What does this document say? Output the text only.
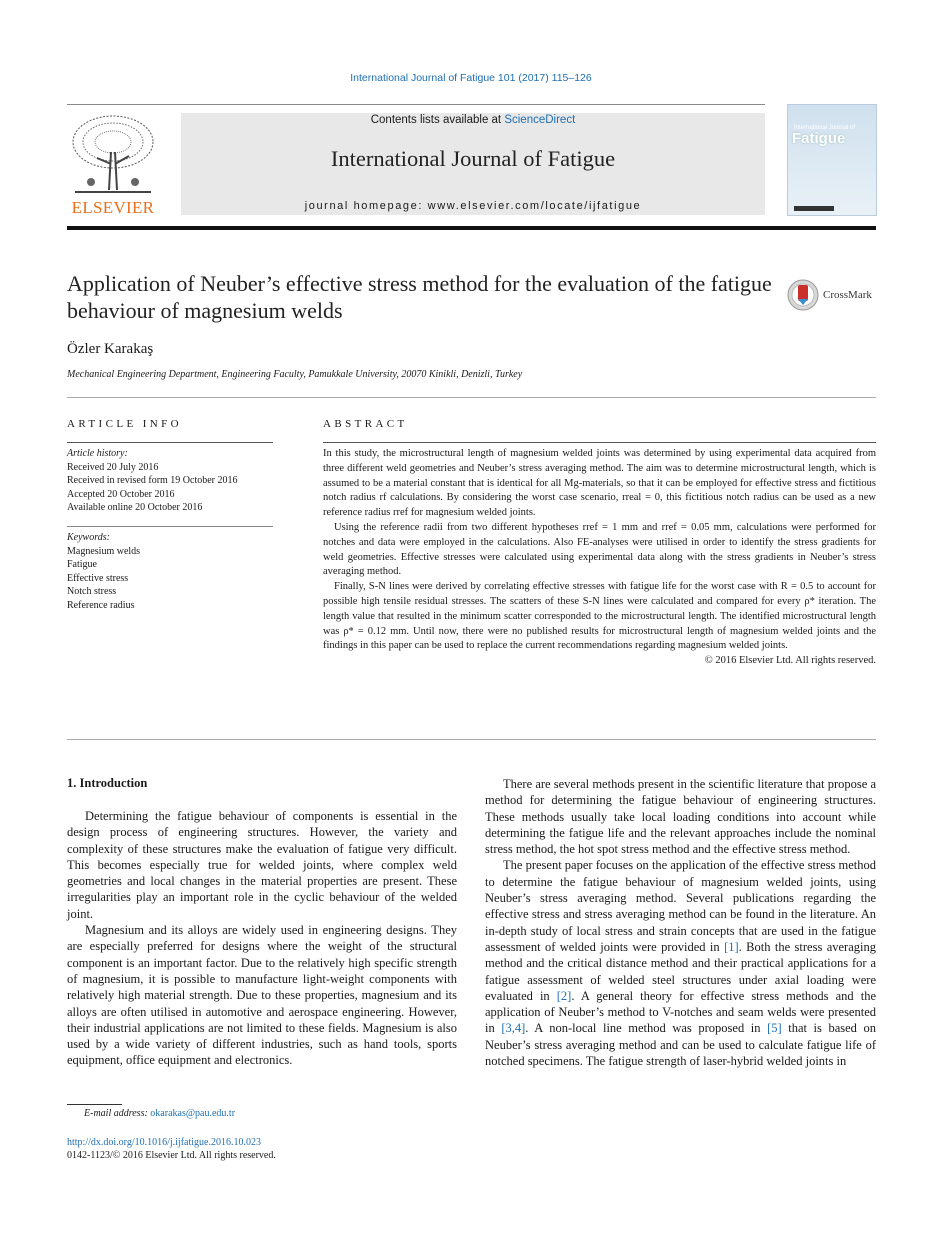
International Journal of Fatigue 101 (2017) 115–126
ELSEVIER
Contents lists available at ScienceDirect
International Journal of Fatigue
journal homepage: www.elsevier.com/locate/ijfatigue
International Journal of
Fatigue
Application of Neuber’s effective stress method for the evaluation of the fatigue behaviour of magnesium welds
CrossMark
Özler Karakaş
Mechanical Engineering Department, Engineering Faculty, Pamukkale University, 20070 Kinikli, Denizli, Turkey
ARTICLE INFO
Article history:
Received 20 July 2016
Received in revised form 19 October 2016
Accepted 20 October 2016
Available online 20 October 2016
Keywords:
Magnesium welds
Fatigue
Effective stress
Notch stress
Reference radius
ABSTRACT

In this study, the microstructural length of magnesium welded joints was determined by using experimental data acquired from three different weld geometries and Neuber’s stress averaging method. The aim was to determine microstructural length, which is assumed to be a material constant that is identical for all Mg-materials, so that it can be employed for effective stress and fictitious notch radius rf calculations. By considering the worst case scenario, rreal = 0, this fictitious notch radius can be used as a new reference radius rref for magnesium welded joints.

Using the reference radii from two different hypotheses rref = 1 mm and rref = 0.05 mm, calculations were performed for notches and data were employed in the calculations. Also FE-analyses were utilised in order to identify the stress gradients for weld geometries. Effective stresses were calculated using experimental data along with the stress gradients in Neuber’s stress averaging method.

Finally, S-N lines were derived by correlating effective stresses with fatigue life for the worst case with R = 0.5 to account for possible high tensile residual stresses. The scatters of these S-N lines were calculated and compared for every ρ* iteration. The length value that resulted in the minimum scatter corresponded to the microstructural length. The identified microstructural length was ρ* = 0.12 mm. Until now, there were no published results for microstructural length of magnesium welded joints and the findings in this paper can be used to replace the current recommendations regarding magnesium welded joints.

© 2016 Elsevier Ltd. All rights reserved.
1. Introduction

Determining the fatigue behaviour of components is essential in the design process of engineering structures. However, the variety and complexity of these structures make the evaluation of fatigue very difficult. This becomes especially true for welded joints, where complex weld geometries and local changes in the material properties are present. These irregularities play an important role in the cyclic behaviour of the welded joint.

Magnesium and its alloys are widely used in engineering designs. They are especially preferred for designs where the weight of the structural component is an important factor. Due to the relatively high specific strength of magnesium, it is possible to manufacture light-weight components with relatively high material strength. Due to these properties, magnesium and its alloys are often utilised in automotive and aerospace engineering. However, their industrial applications are not limited to these fields. Magnesium is also used by a wide variety of different industries, such as hand tools, sports equipment, office equipment and electronics.

There are several methods present in the scientific literature that propose a method for determining the fatigue behaviour of engineering structures. These methods usually take local loading conditions into account while determining the fatigue life and the relevant approaches include the nominal stress method, the hot spot stress method and the effective stress method.

The present paper focuses on the application of the effective stress method to determine the fatigue behaviour of magnesium welded joints, using Neuber’s stress averaging method. Several publications regarding the effective stress and stress averaging method can be found in the literature. An in-depth study of local stress and strain concepts that are used in the fatigue assessment of welded joints were provided in [1]. Both the stress averaging method and the critical distance method and their practical applications for a fatigue assessment of welded steel structures under axial loading were evaluated in [2]. A general theory for effective stress methods and the application of Neuber’s method to V-notches and seam welds were presented in [3,4]. A non-local line method was proposed in [5] that is based on Neuber’s stress averaging method and can be used to calculate fatigue life of notched specimens. The fatigue strength of laser-hybrid welded joints in

E-mail address: okarakas@pau.edu.tr
http://dx.doi.org/10.1016/j.ijfatigue.2016.10.023
0142-1123/© 2016 Elsevier Ltd. All rights reserved.
